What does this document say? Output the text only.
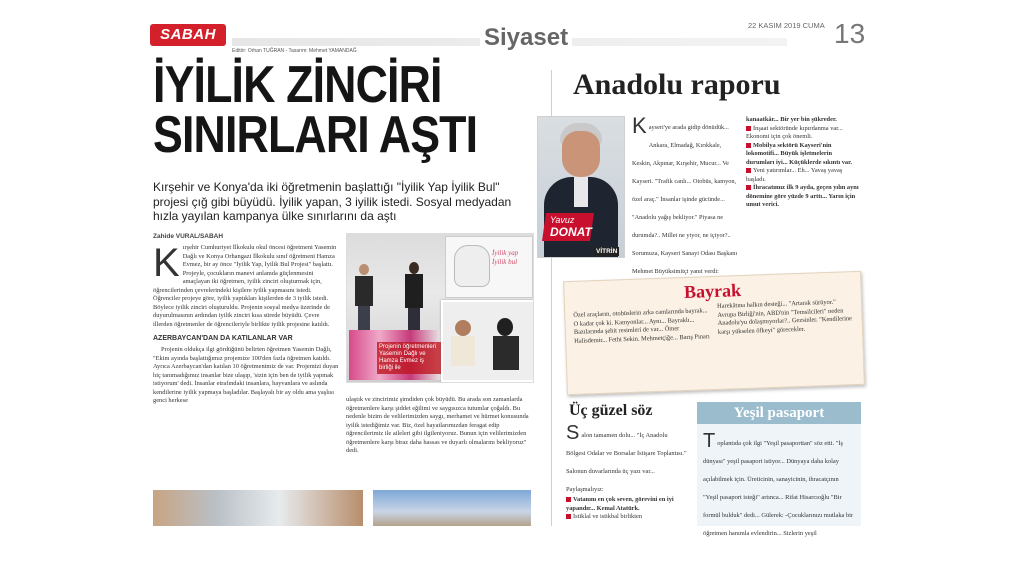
SABAH
Editör: Orhan TUĞRAN - Tasarım: Mehmet YAMANDAĞ	Siyaset	22 KASIM 2019 CUMA 13
İYİLİK ZİNCİRİ
SINIRLARI AŞTI
Kırşehir ve Konya'da iki öğretmenin başlattığı "İyilik Yap İyilik Bul" projesi çığ gibi büyüdü. İyilik yapan, 3 iyilik istedi. Sosyal medyadan hızla yayılan kampanya ülke sınırlarını da aştı
Zahide VURAL/SABAH
K ırşehir Cumhuriyet İlkokulu okul öncesi öğretmeni Yasemin Dağlı ve Konya Orhangazi İlkokulu sınıf öğretmeni Hamza Evmez, bir ay önce "İyilik Yap, İyilik Bul Projesi" başlattı. Projeyle, çocukların manevi anlamda güçlenmesini amaçlayan iki öğretmen, iyilik zinciri oluşturmak için, öğrencilerinden çevrelerindeki kişilere iyilik yapmasını istedi. Öğrenciler projeye göre, iyilik yaptıkları kişilerden de 3 iyilik istedi. Böylece iyilik zinciri oluşturuldu. Projenin sosyal medya üzerinde de duyurulmasının ardından iyilik zinciri kısa sürede büyüdü. Çevre illerden öğretmenler de öğrencileriyle birlikte iyilik projesine katıldı.
AZERBAYCAN'DAN DA KATILANLAR VAR
Projenin oldukça ilgi gördüğünü belirten öğretmen Yasemin Dağlı, "Ekim ayında başlattığımız projemize 100'den fazla öğretmen katıldı. Ayrıca Azerbaycan'dan katılan 10 öğretmenimiz de var. Projemizi duyan hiç tanımadığımız insanlar bize ulaşıp, 'sizin için ben de iyilik yapmak istiyorum' dedi. İnsanlar etrafındaki insanlara, hayvanlara ve aslında kendilerine iyilik yapmaya başladılar. Başlayalı bir ay oldu ama yaşlısı genci herkese
İyilik yap İyilik bul
Projenin öğretmenleri Yasemin Dağlı ve Hamza Evmez iş birliği ile
ulaştık ve zincirimiz şimdiden çok büyüdü. Bu arada son zamanlarda öğretmenlere karşı şiddet eğilimi ve saygısızca tutumlar çoğaldı. Bu nedenle bizim de velilerimizden saygı, merhamet ve hürmet konusunda iyilik istediğimiz var. Biz, özel hayatlarımızdan feragat edip öğrencilerimiz ile aileleri gibi ilgileniyoruz. Bunun için velilerimizden öğretmenlere karşı biraz daha hassas ve duyarlı olmalarını bekliyoruz" dedi.
Anadolu raporu
Yavuz
DONAT
VİTRİN
K ayseri'ye arada gidip dönüdük... Ankara, Elmadağ, Kırıkkale, Keskin, Akpınar, Kırşehir, Mucur... Ve Kayseri. "Trafik canlı... Otobüs, kamyon, özel araç." İnsanlar işinde gücünde... "Anadolu yağış bekliyor." Piyasa ne durumda?.. Millet ne yiyor, ne içiyor?.. Sorumuza, Kayseri Sanayi Odası Başkanı Mehmet Büyüksimitçi yanıt verdi:
kanaatkâr... Bir yer bin şükreder.
İnşaat sektöründe kıpırdanma var... Ekonomi için çok önemli.
Mobilya sektörü Kayseri'nin lokomotifi... Büyük işletmelerin durumları iyi... Küçüklerde sıkıntı var.
Yeni yatırımlar... Eh... Yavaş yavaş başladı.
İhracatımız ilk 9 ayda, geçen yılın aynı dönemine göre yüzde 9 arttı... Yarın için umut verici.
Bayrak
Özel araçların, otobüslerin arka camlarında bayrak... O kadar çok ki. Kamyonlar... Aynı... Bayraklı... Bazılarında şehit resimleri de var... Ömer Halisdemir... Fethi Sekin. Mehmetçiğe... Barış Pınarı
Harekâtına halkın desteği... "Artarak sürüyor." Avrupa Birliği'nin, ABD'nin "Temsilcileri" neden Anadolu'yu dolaşmıyorlar?.. Gezsinler. "Kendilerine karşı yükselen öfkeyi" görecekler.
Üç güzel söz
S alon tamamen dolu... "İç Anadolu Bölgesi Odalar ve Borsalar İstişare Toplantısı." Salonun duvarlarında üç yazı var... Paylaşmalıyız:
Vatanını en çok seven, görevini en iyi yapandır... Kemal Atatürk.
İstiklal ve istikbal birlikten
Yeşil pasaport
T oplantıda çok ilgi "Yeşil pasaporttan" söz etti. "İş dünyası" yeşil pasaport istiyor... Dünyaya daha kolay açılabilmek için. Üreticinin, sanayicinin, ihracatçının "Yeşil pasaport isteği" artınca... Rifat Hisarcıoğlu "Bir formül bulduk" dedi... Gülerek: -Çocuklarınızı mutlaka bir öğretmen hanımla evlendirin... Sizlerin yeşil
